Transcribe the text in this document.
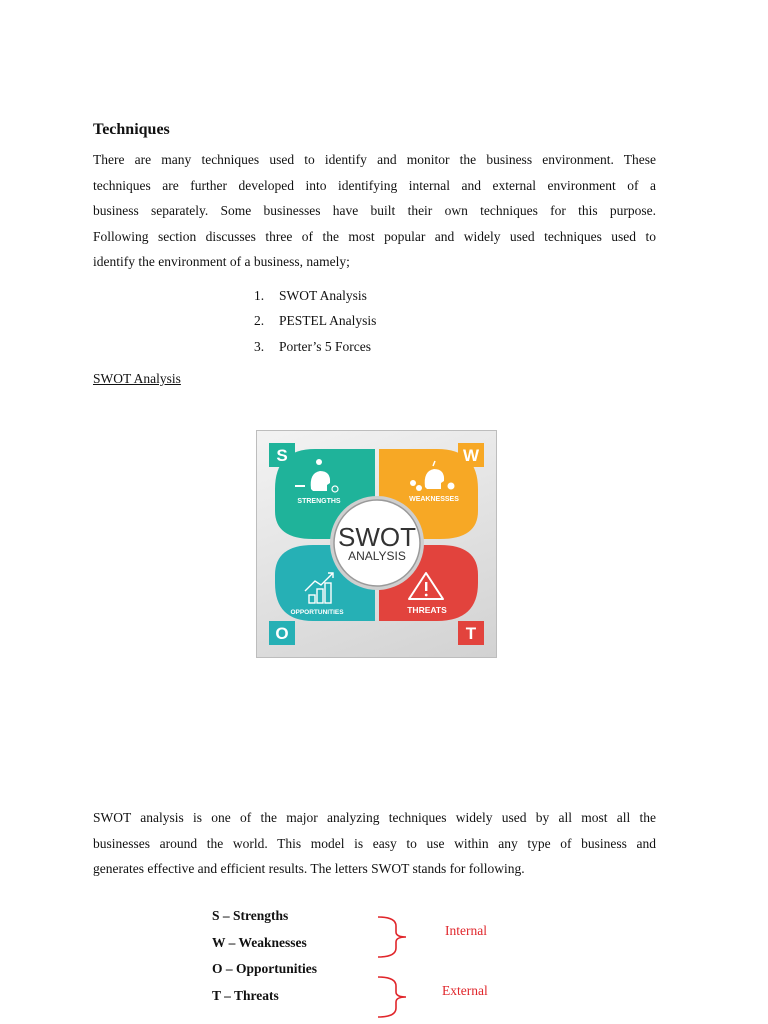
Techniques
There are many techniques used to identify and monitor the business environment. These
techniques are further developed into identifying internal and external environment of a
business separately. Some businesses have built their own techniques for this purpose.
Following section discusses three of the most popular and widely used techniques used to
identify the environment of a business, namely;
1.	SWOT Analysis
2.	PESTEL Analysis
3.	Porter’s 5 Forces
SWOT Analysis
S	W
O	T
STRENGTHS	WEAKNESSES
OPPORTUNITIES	THREATS
SWOT
ANALYSIS
SWOT analysis is one of the major analyzing techniques widely used by all most all the
businesses around the world. This model is easy to use within any type of business and
generates effective and efficient results. The letters SWOT stands for following.
S – Strengths
W – Weaknesses
O – Opportunities
T – Threats
Internal
External
